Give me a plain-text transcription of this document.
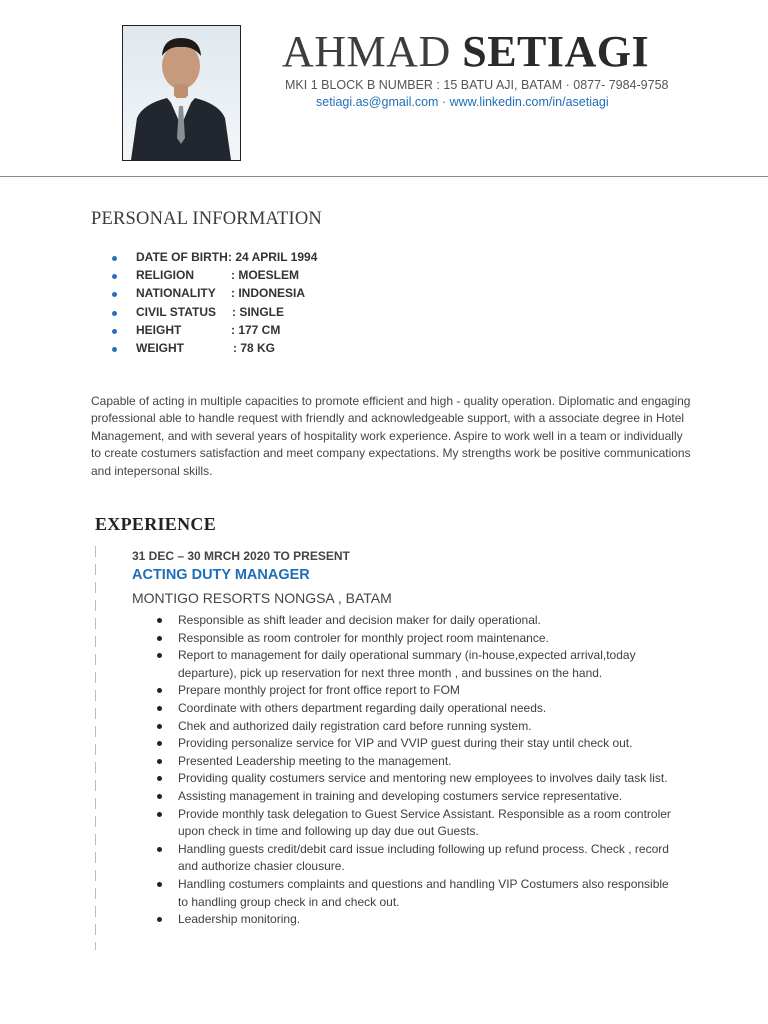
AHMAD SETIAGI
MKI 1 BLOCK B NUMBER : 15 BATU AJI, BATAM · 0877- 7984-9758
setiagi.as@gmail.com · www.linkedin.com/in/asetiagi
PERSONAL INFORMATION
DATE OF BIRTH : 24 APRIL 1994
RELIGION	: MOESLEM
NATIONALITY : INDONESIA
CIVIL STATUS : SINGLE
HEIGHT	: 177 CM
WEIGHT	: 78 KG

Capable of acting in multiple capacities to promote efficient and high - quality operation. Diplomatic and engaging professional able to handle request with friendly and acknowledgeable support, with a associate degree in Hotel Management, and with several years of hospitality work experience. Aspire to work well in a team or individually to create costumers satisfaction and meet company expectations. My strengths work be positive communications and intepersonal skills.

EXPERIENCE
31 DEC – 30 MRCH 2020 TO PRESENT
ACTING DUTY MANAGER
MONTIGO RESORTS NONGSA , BATAM
Responsible as shift leader and decision maker for daily operational.
Responsible as room controler for monthly project room maintenance.
Report to management for daily operational summary (in-house,expected arrival,today departure), pick up reservation for next three month , and bussines on the hand.
Prepare monthly project for front office report to FOM
Coordinate with others department regarding daily operational needs.
Chek and authorized daily registration card before running system.
Providing personalize service for VIP and VVIP guest during their stay until check out.
Presented Leadership meeting to the management.
Providing quality costumers service and mentoring new employees to involves daily task list.
Assisting management in training and developing costumers service representative.
Provide monthly task delegation to Guest Service Assistant. Responsible as a room controler upon check in time and following up day due out Guests.
Handling guests credit/debit card issue including following up refund process. Check , record and authorize chasier clousure.
Handling costumers complaints and questions and handling VIP Costumers also responsible to handling group check in and check out.
Leadership monitoring.
